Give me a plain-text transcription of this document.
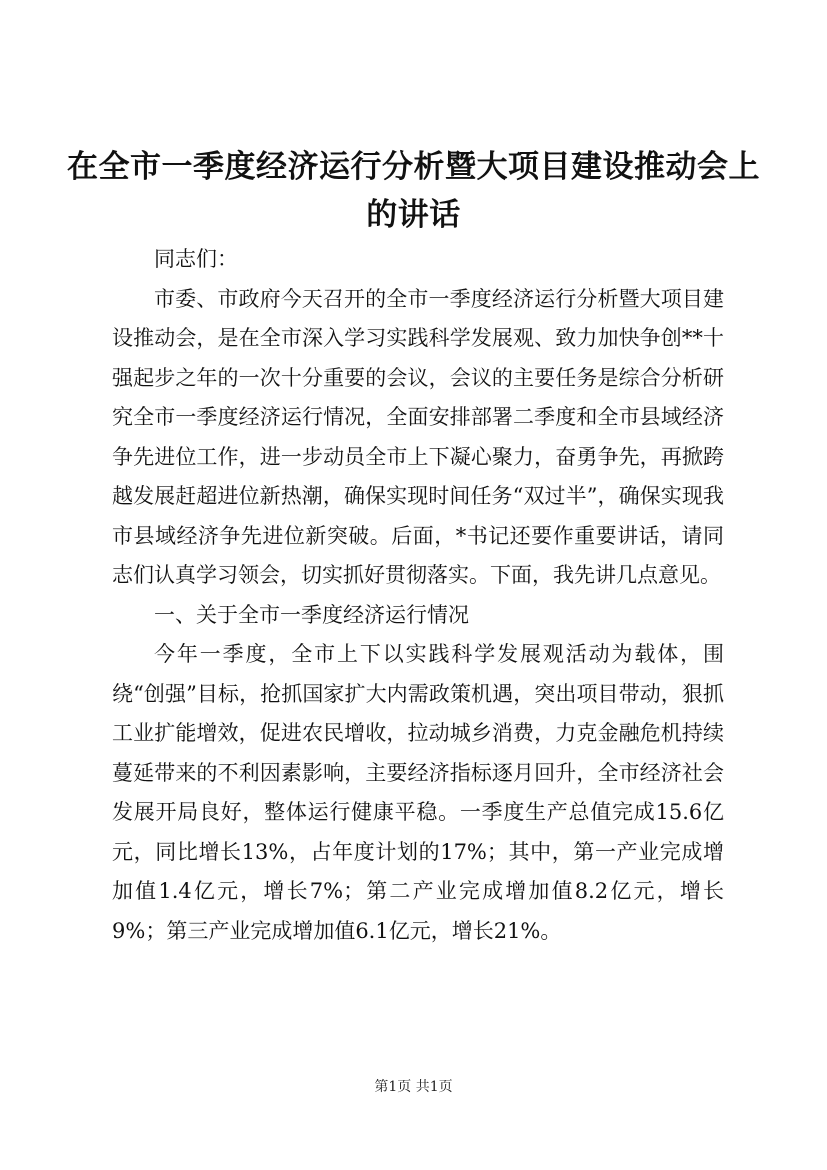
在全市一季度经济运行分析暨大项目建设推动会上的讲话

同志们：

市委、市政府今天召开的全市一季度经济运行分析暨大项目建设推动会，是在全市深入学习实践科学发展观、致力加快争创**十强起步之年的一次十分重要的会议，会议的主要任务是综合分析研究全市一季度经济运行情况，全面安排部署二季度和全市县域经济争先进位工作，进一步动员全市上下凝心聚力，奋勇争先，再掀跨越发展赶超进位新热潮，确保实现时间任务“双过半”，确保实现我市县域经济争先进位新突破。后面，*书记还要作重要讲话，请同志们认真学习领会，切实抓好贯彻落实。下面，我先讲几点意见。

一、关于全市一季度经济运行情况

今年一季度，全市上下以实践科学发展观活动为载体，围绕“创强”目标，抢抓国家扩大内需政策机遇，突出项目带动，狠抓工业扩能增效，促进农民增收，拉动城乡消费，力克金融危机持续蔓延带来的不利因素影响，主要经济指标逐月回升，全市经济社会发展开局良好，整体运行健康平稳。一季度生产总值完成15.6亿元，同比增长13%，占年度计划的17%；其中，第一产业完成增加值1.4亿元，增长7%；第二产业完成增加值8.2亿元，增长9%；第三产业完成增加值6.1亿元，增长21%。

第1页 共1页
